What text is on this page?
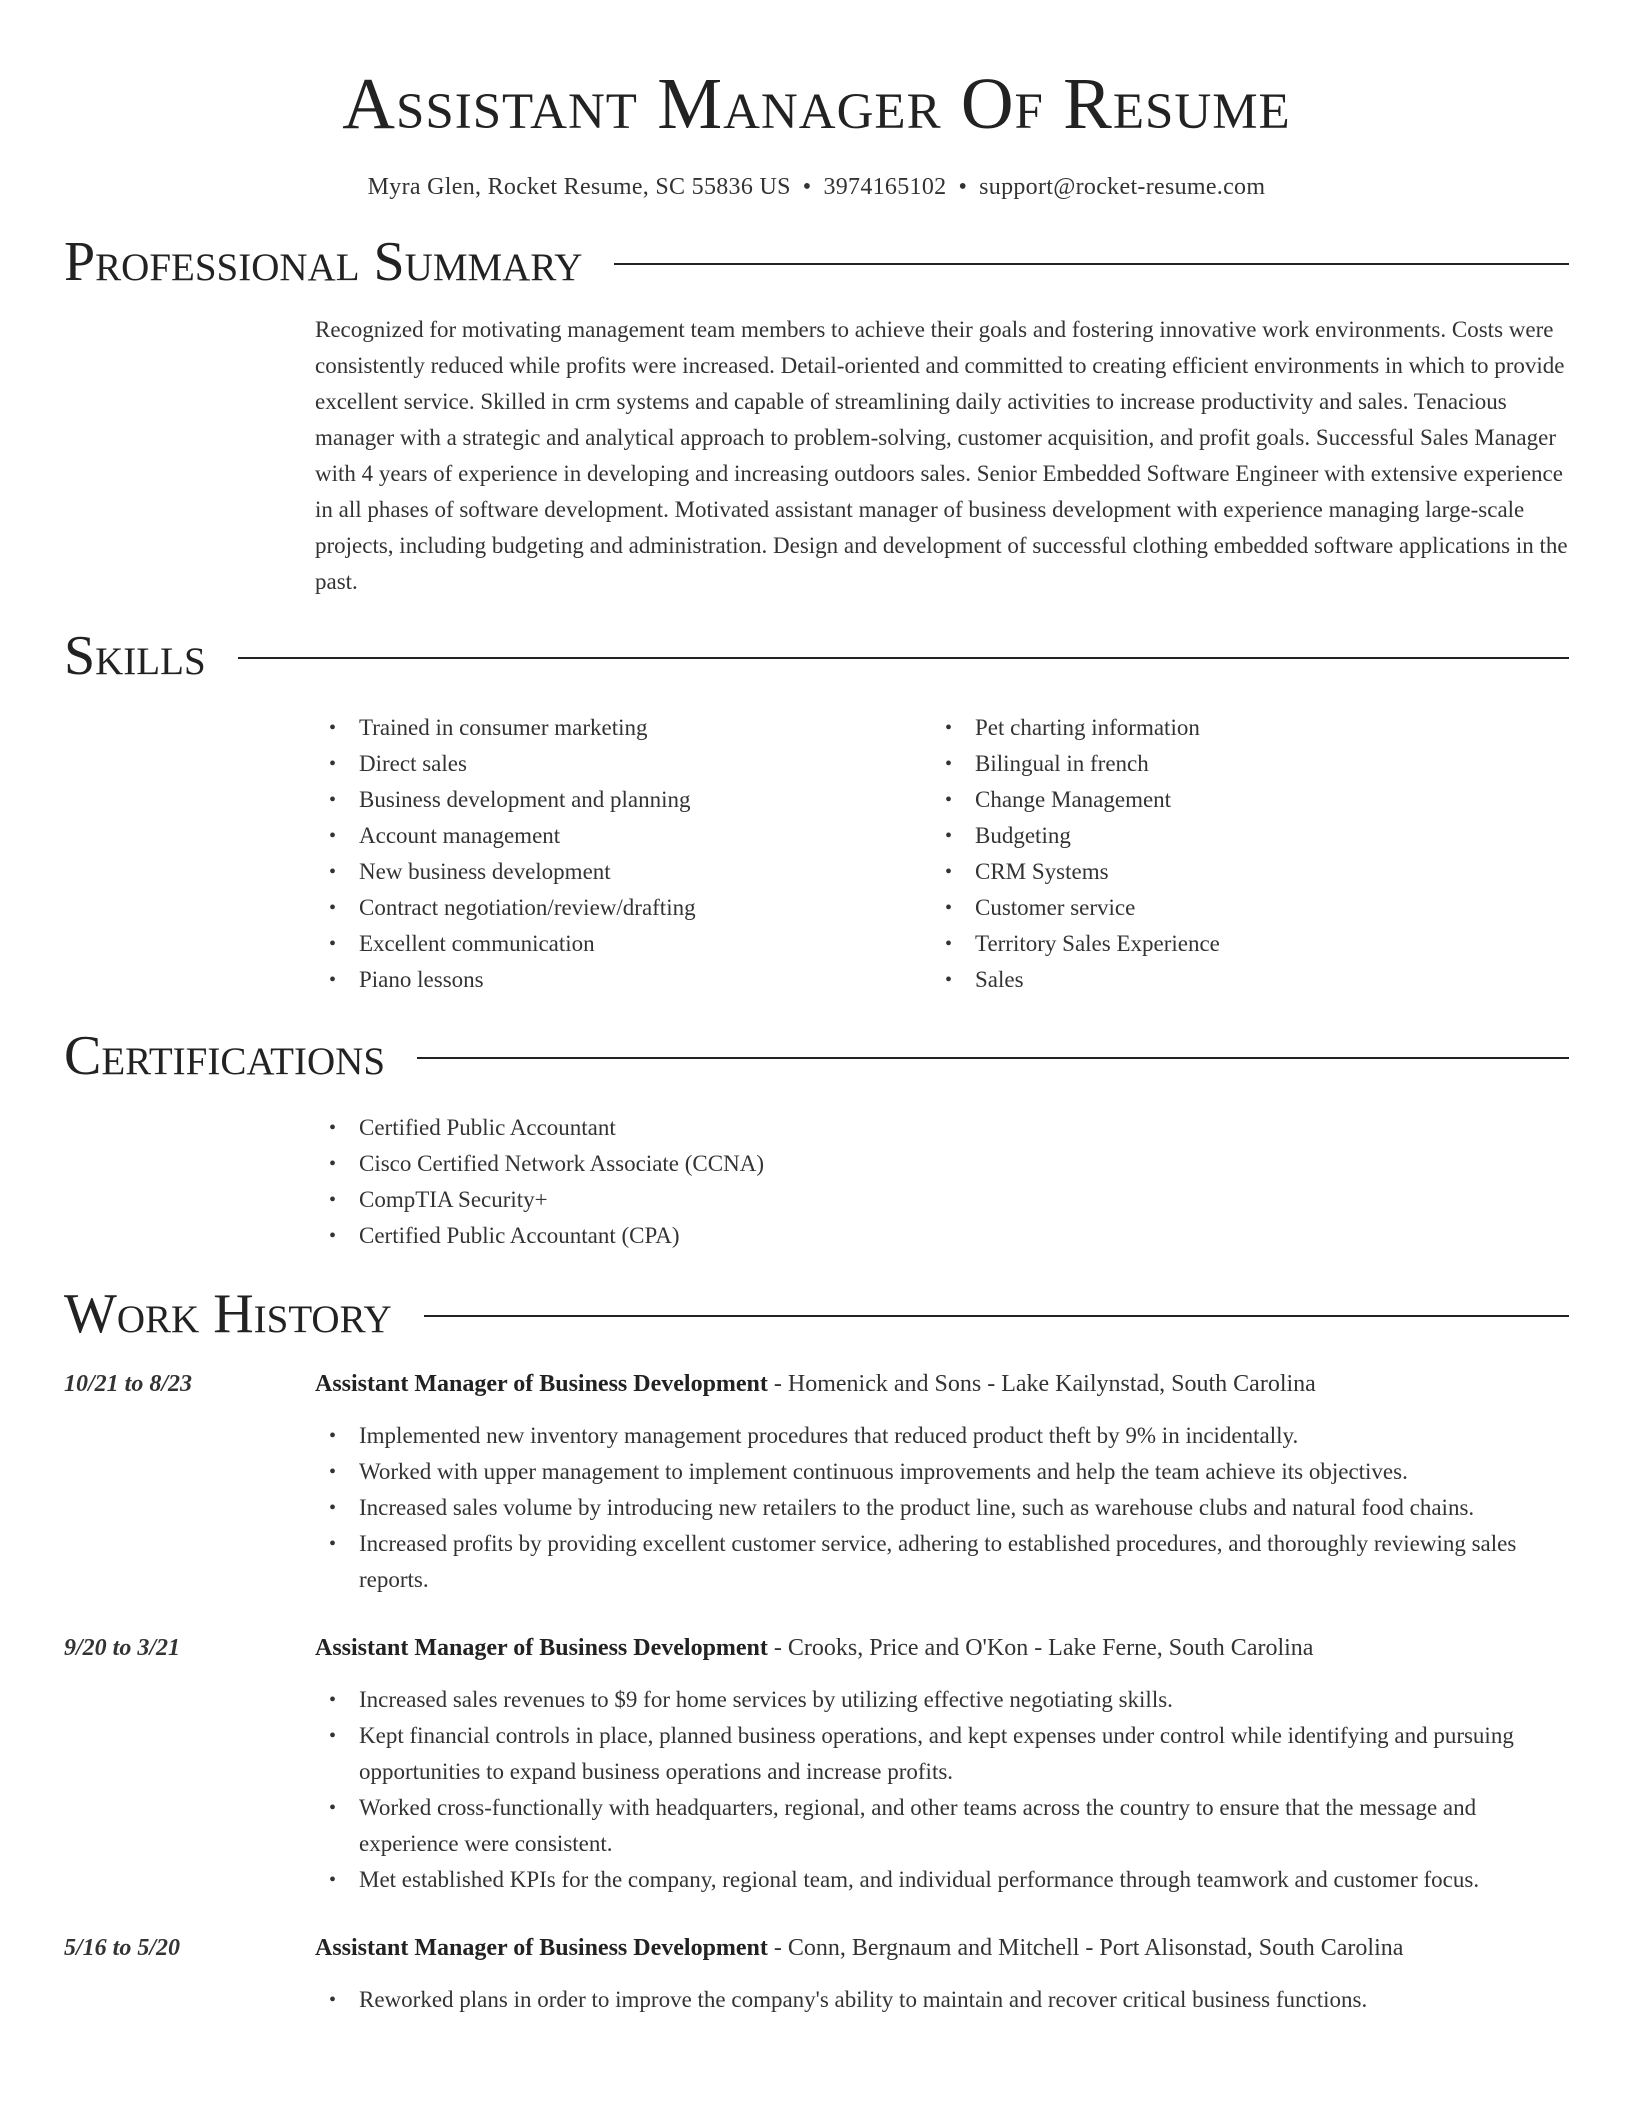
Assistant Manager Of Resume
Myra Glen, Rocket Resume, SC 55836 US • 3974165102 • support@rocket-resume.com
Professional Summary

Recognized for motivating management team members to achieve their goals and fostering innovative work environments. Costs were consistently reduced while profits were increased. Detail-oriented and committed to creating efficient environments in which to provide excellent service. Skilled in crm systems and capable of streamlining daily activities to increase productivity and sales. Tenacious manager with a strategic and analytical approach to problem-solving, customer acquisition, and profit goals. Successful Sales Manager with 4 years of experience in developing and increasing outdoors sales. Senior Embedded Software Engineer with extensive experience in all phases of software development. Motivated assistant manager of business development with experience managing large-scale projects, including budgeting and administration. Design and development of successful clothing embedded software applications in the past.

Skills
• Trained in consumer marketing
• Direct sales
• Business development and planning
• Account management
• New business development
• Contract negotiation/review/drafting
• Excellent communication
• Piano lessons
• Pet charting information
• Bilingual in french
• Change Management
• Budgeting
• CRM Systems
• Customer service
• Territory Sales Experience
• Sales
Certifications
• Certified Public Accountant
• Cisco Certified Network Associate (CCNA)
• CompTIA Security+
• Certified Public Accountant (CPA)
Work History
10/21 to 8/23	Assistant Manager of Business Development - Homenick and Sons - Lake Kailynstad, South Carolina
• Implemented new inventory management procedures that reduced product theft by 9% in incidentally.
• Worked with upper management to implement continuous improvements and help the team achieve its objectives.
• Increased sales volume by introducing new retailers to the product line, such as warehouse clubs and natural food chains.
• Increased profits by providing excellent customer service, adhering to established procedures, and thoroughly reviewing sales reports.
9/20 to 3/21	Assistant Manager of Business Development - Crooks, Price and O'Kon - Lake Ferne, South Carolina
• Increased sales revenues to $9 for home services by utilizing effective negotiating skills.
• Kept financial controls in place, planned business operations, and kept expenses under control while identifying and pursuing opportunities to expand business operations and increase profits.
• Worked cross-functionally with headquarters, regional, and other teams across the country to ensure that the message and experience were consistent.
• Met established KPIs for the company, regional team, and individual performance through teamwork and customer focus.
5/16 to 5/20	Assistant Manager of Business Development - Conn, Bergnaum and Mitchell - Port Alisonstad, South Carolina
• Reworked plans in order to improve the company's ability to maintain and recover critical business functions.
